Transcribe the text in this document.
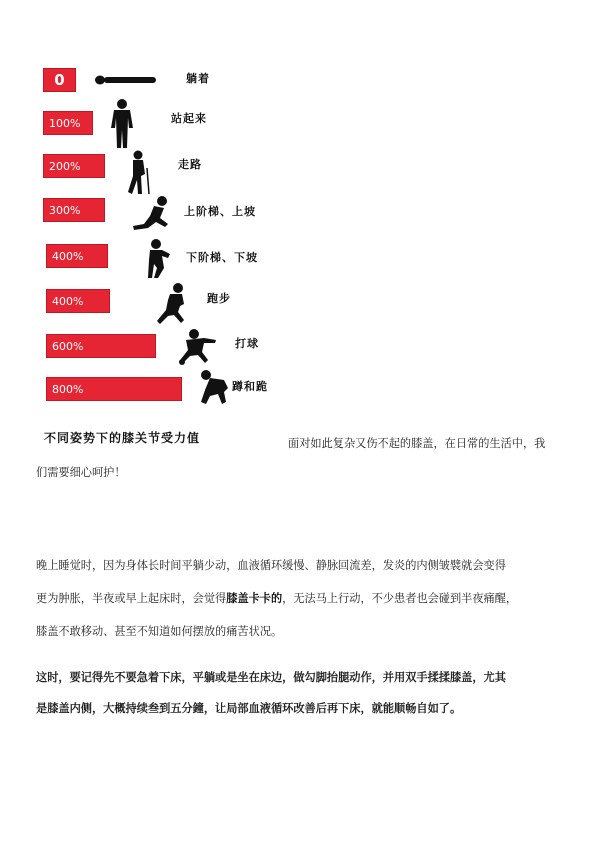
0	躺着
100%	站起来
200%	走路
300%	上阶梯、上坡
400%	下阶梯、下坡
400%	跑步
600%	打球
800%	蹲和跪
不同姿势下的膝关节受力值	面对如此复杂又伤不起的膝盖，在日常的生活中，我
们需要细心呵护！
晚上睡觉时，因为身体长时间平躺少动，血液循环缓慢、静脉回流差，发炎的内侧皱襞就会变得
更为肿胀，半夜或早上起床时，会觉得膝盖卡卡的，无法马上行动，不少患者也会碰到半夜痛醒，
膝盖不敢移动、甚至不知道如何摆放的痛苦状况。
这时，要记得先不要急着下床，平躺或是坐在床边，做勾脚抬腿动作，并用双手揉揉膝盖，尤其
是膝盖内侧，大概持续叁到五分鐘，让局部血液循环改善后再下床，就能顺畅自如了。
